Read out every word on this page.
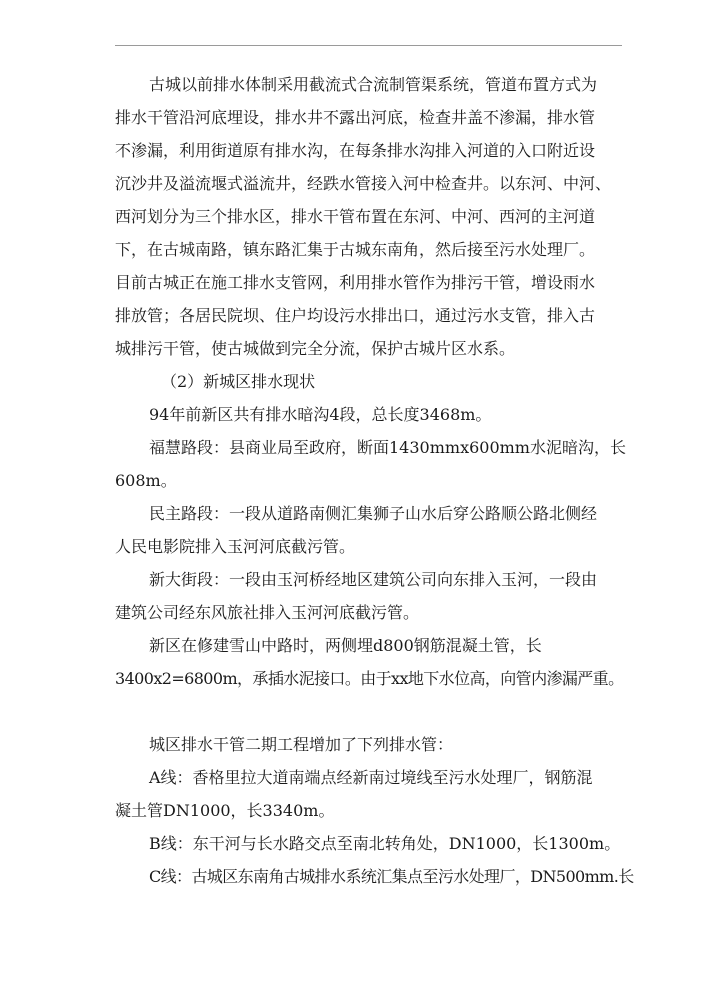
古城以前排水体制采用截流式合流制管渠系统，管道布置方式为

排水干管沿河底埋设，排水井不露出河底，检查井盖不渗漏，排水管

不渗漏，利用街道原有排水沟，在每条排水沟排入河道的入口附近设

沉沙井及溢流堰式溢流井，经跌水管接入河中检查井。以东河、中河、

西河划分为三个排水区，排水干管布置在东河、中河、西河的主河道

下，在古城南路，镇东路汇集于古城东南角，然后接至污水处理厂。

目前古城正在施工排水支管网，利用排水管作为排污干管，增设雨水

排放管；各居民院坝、住户均设污水排出口，通过污水支管，排入古

城排污干管，使古城做到完全分流，保护古城片区水系。

（2）新城区排水现状

94年前新区共有排水暗沟4段，总长度3468m。

福慧路段：县商业局至政府，断面1430mmx600mm水泥暗沟，长

608m。

民主路段：一段从道路南侧汇集狮子山水后穿公路顺公路北侧经

人民电影院排入玉河河底截污管。

新大街段：一段由玉河桥经地区建筑公司向东排入玉河，一段由

建筑公司经东风旅社排入玉河河底截污管。

新区在修建雪山中路时，两侧埋d800钢筋混凝土管，长

3400x2=6800m，承插水泥接口。由于xx地下水位高，向管内渗漏严重。

城区排水干管二期工程增加了下列排水管：

A线：香格里拉大道南端点经新南过境线至污水处理厂，钢筋混

凝土管DN1000，长3340m。

B线：东干河与长水路交点至南北转角处，DN1000，长1300m。

C线：古城区东南角古城排水系统汇集点至污水处理厂，DN500mm.长
